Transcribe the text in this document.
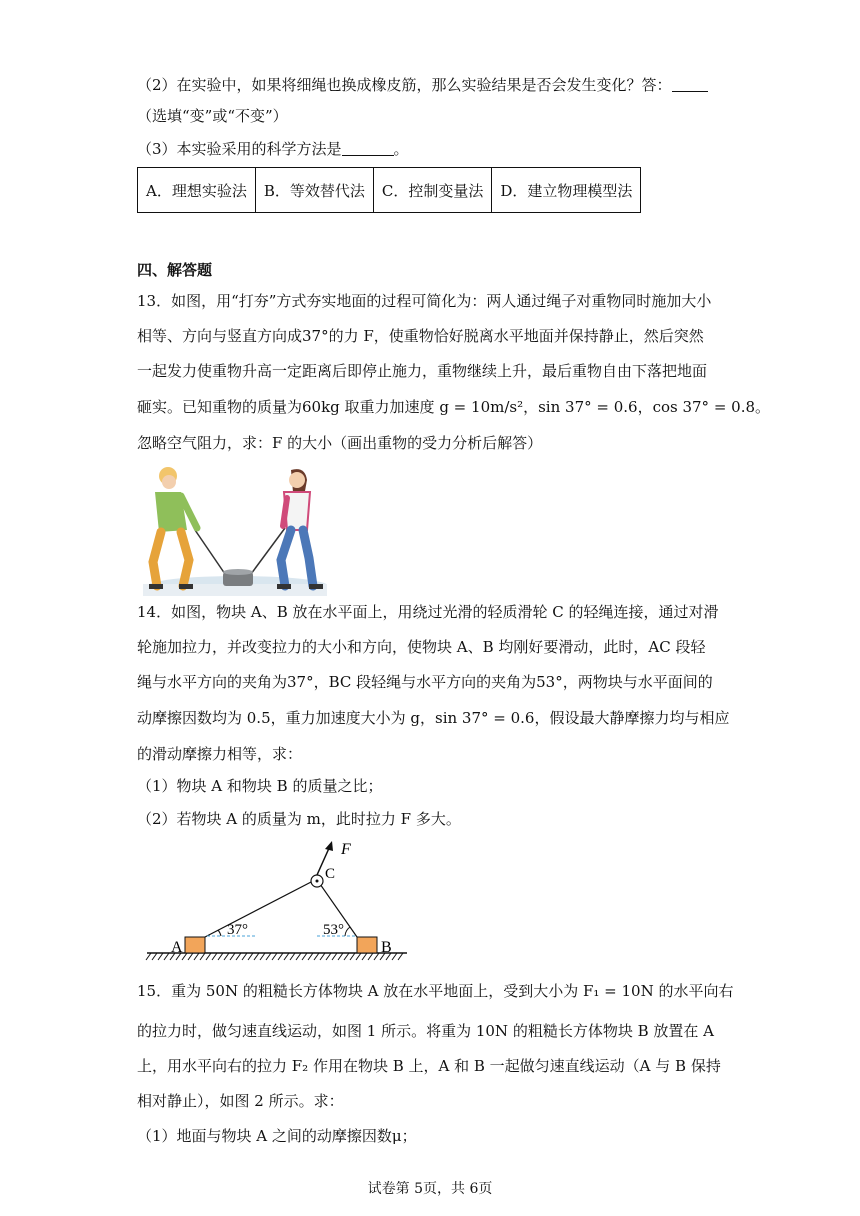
（2）在实验中，如果将细绳也换成橡皮筋，那么实验结果是否会发生变化？答：
（选填“变”或“不变”）
（3）本实验采用的科学方法是	。
A．理想实验法	B．等效替代法	C．控制变量法	D．建立物理模型法
四、解答题
13．如图，用“打夯”方式夯实地面的过程可简化为：两人通过绳子对重物同时施加大小
相等、方向与竖直方向成37°的力 F，使重物恰好脱离水平地面并保持静止，然后突然
一起发力使重物升高一定距离后即停止施力，重物继续上升，最后重物自由下落把地面
砸实。已知重物的质量为60kg 取重力加速度 g = 10m/s²，sin 37° = 0.6，cos 37° = 0.8。
忽略空气阻力，求：F 的大小（画出重物的受力分析后解答）
14．如图，物块 A、B 放在水平面上，用绕过光滑的轻质滑轮 C 的轻绳连接，通过对滑
轮施加拉力，并改变拉力的大小和方向，使物块 A、B 均刚好要滑动，此时，AC 段轻
绳与水平方向的夹角为37°，BC 段轻绳与水平方向的夹角为53°，两物块与水平面间的
动摩擦因数均为 0.5，重力加速度大小为 g，sin 37° = 0.6，假设最大静摩擦力均与相应
的滑动摩擦力相等，求：
（1）物块 A 和物块 B 的质量之比；
（2）若物块 A 的质量为 m，此时拉力 F 多大。
F
C
A	B
37°	53°
15．重为 50N 的粗糙长方体物块 A 放在水平地面上，受到大小为 F₁ = 10N 的水平向右
的拉力时，做匀速直线运动，如图 1 所示。将重为 10N 的粗糙长方体物块 B 放置在 A
上，用水平向右的拉力 F₂ 作用在物块 B 上，A 和 B 一起做匀速直线运动（A 与 B 保持
相对静止），如图 2 所示。求：
（1）地面与物块 A 之间的动摩擦因数μ；
试卷第 5页，共 6页
